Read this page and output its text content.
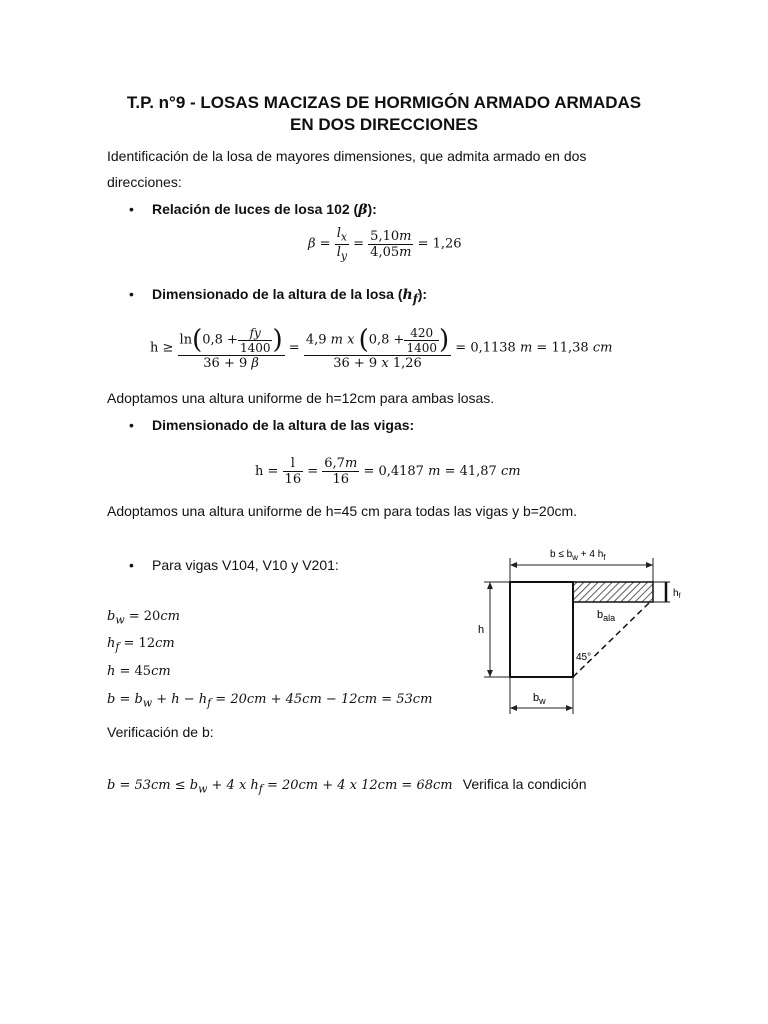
T.P. n°9 - LOSAS MACIZAS DE HORMIGÓN ARMADO ARMADAS
EN DOS DIRECCIONES
Identificación de la losa de mayores dimensiones, que admita armado en dos
direcciones:
• Relación de luces de losa 102 (β):
$\beta = \frac{l_x}{l_y} = \frac{5,10m}{4,05m} = 1,26$
• Dimensionado de la altura de la losa $(h_f)$:
$h \ge \frac{\ln(0,8 + \frac{fy}{1400} )}{36 + 9 \beta} = \frac{4,9 m x (0,8 + \frac{420}{1400} )}{36 + 9 x 1,26} = 0,1138$ m = 11,38 cm
Adoptamos una altura uniforme de h=12cm para ambas losas.
• Dimensionado de la altura de las vigas:
$h = \frac{l}{16} = \frac{6,7m}{16} = 0,4187$ m = 41,87 cm
Adoptamos una altura uniforme de h=45 cm para todas las vigas y b=20cm.
• Para vigas V104, V10 y V201:
$b_w = 20cm$
$h_f = 12cm$
h = 45cm
$b = b_w + h - h_f = 20cm + 45cm - 12cm = 53cm$
Verificación de b:
$b = 53cm \le b_w + 4$ x $h_f = 20cm + 4$ x 12cm = 68cm Verifica la condición
$b \le b_w + 4$ $h_f$
45°
$b_{ala}$
h
$h_f$
$b_w$
